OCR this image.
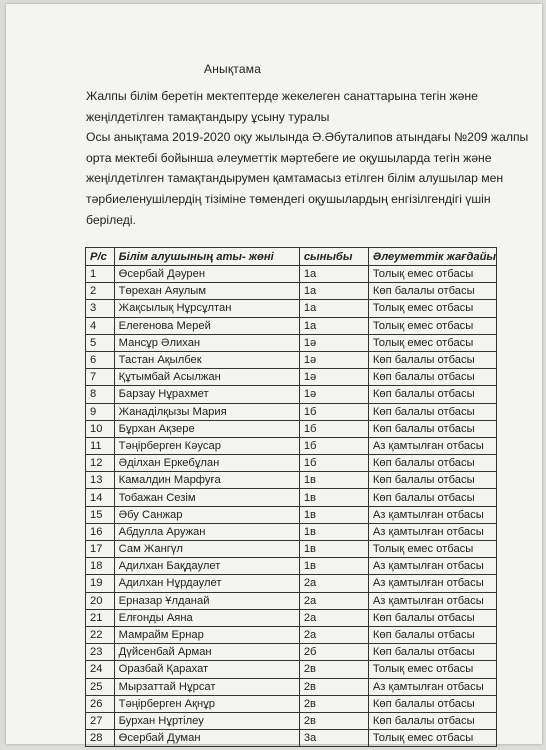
Анықтама
Жалпы білім беретін мектептерде жекелеген санаттарына тегін және
жеңілдетілген тамақтандыру ұсыну туралы
Осы анықтама 2019-2020 оқу жылында Ә.Әбуталипов атындағы №209 жалпы
орта мектебі бойынша әлеуметтік мәртебеге ие оқушыларда тегін және
жеңілдетілген тамақтандырумен қамтамасыз етілген білім алушылар мен
тәрбиеленушілердің тізіміне төмендегі оқушылардың енгізілгендігі үшін
беріледі.
Р/с	Білім алушының аты- жөні	сыныбы	Әлеуметтік жағдайы
1	Өсербай Дәурен	1а	Толық емес отбасы
2	Төрехан Аяулым	1а	Көп балалы отбасы
3	Жақсылық Нұрсұлтан	1а	Толық емес отбасы
4	Елегенова Мерей	1а	Толық емес отбасы
5	Мансұр Әлихан	1ә	Толық емес отбасы
6	Тастан Ақылбек	1ә	Көп балалы отбасы
7	Құтымбай Асылжан	1ә	Көп балалы отбасы
8	Барзау Нұрахмет	1ә	Көп балалы отбасы
9	Жанаділқызы Мария	1б	Көп балалы отбасы
10	Бұрхан Ақзере	1б	Көп балалы отбасы
11	Тәңірберген Кәусар	1б	Аз қамтылған отбасы
12	Әділхан Еркебұлан	1б	Көп балалы отбасы
13	Камалдин Марфуға	1в	Көп балалы отбасы
14	Тобажан Сезім	1в	Көп балалы отбасы
15	Әбу Санжар	1в	Аз қамтылған отбасы
16	Абдулла Аружан	1в	Аз қамтылған отбасы
17	Сам Жангүл	1в	Толық емес отбасы
18	Адилхан Бақдаулет	1в	Аз қамтылған отбасы
19	Адилхан Нұрдаулет	2а	Аз қамтылған отбасы
20	Ерназар Ұлданай	2а	Аз қамтылған отбасы
21	Елғонды Аяна	2а	Көп балалы отбасы
22	Мамрайм Ернар	2а	Көп балалы отбасы
23	Дүйсенбай Арман	2б	Көп балалы отбасы
24	Оразбай Қарахат	2в	Толық емес отбасы
25	Мырзаттай Нұрсат	2в	Аз қамтылған отбасы
26	Тәңірберген Ақнұр	2в	Көп балалы отбасы
27	Бурхан Нұртілеу	2в	Көп балалы отбасы
28	Өсербай Думан	3а	Толық емес отбасы
